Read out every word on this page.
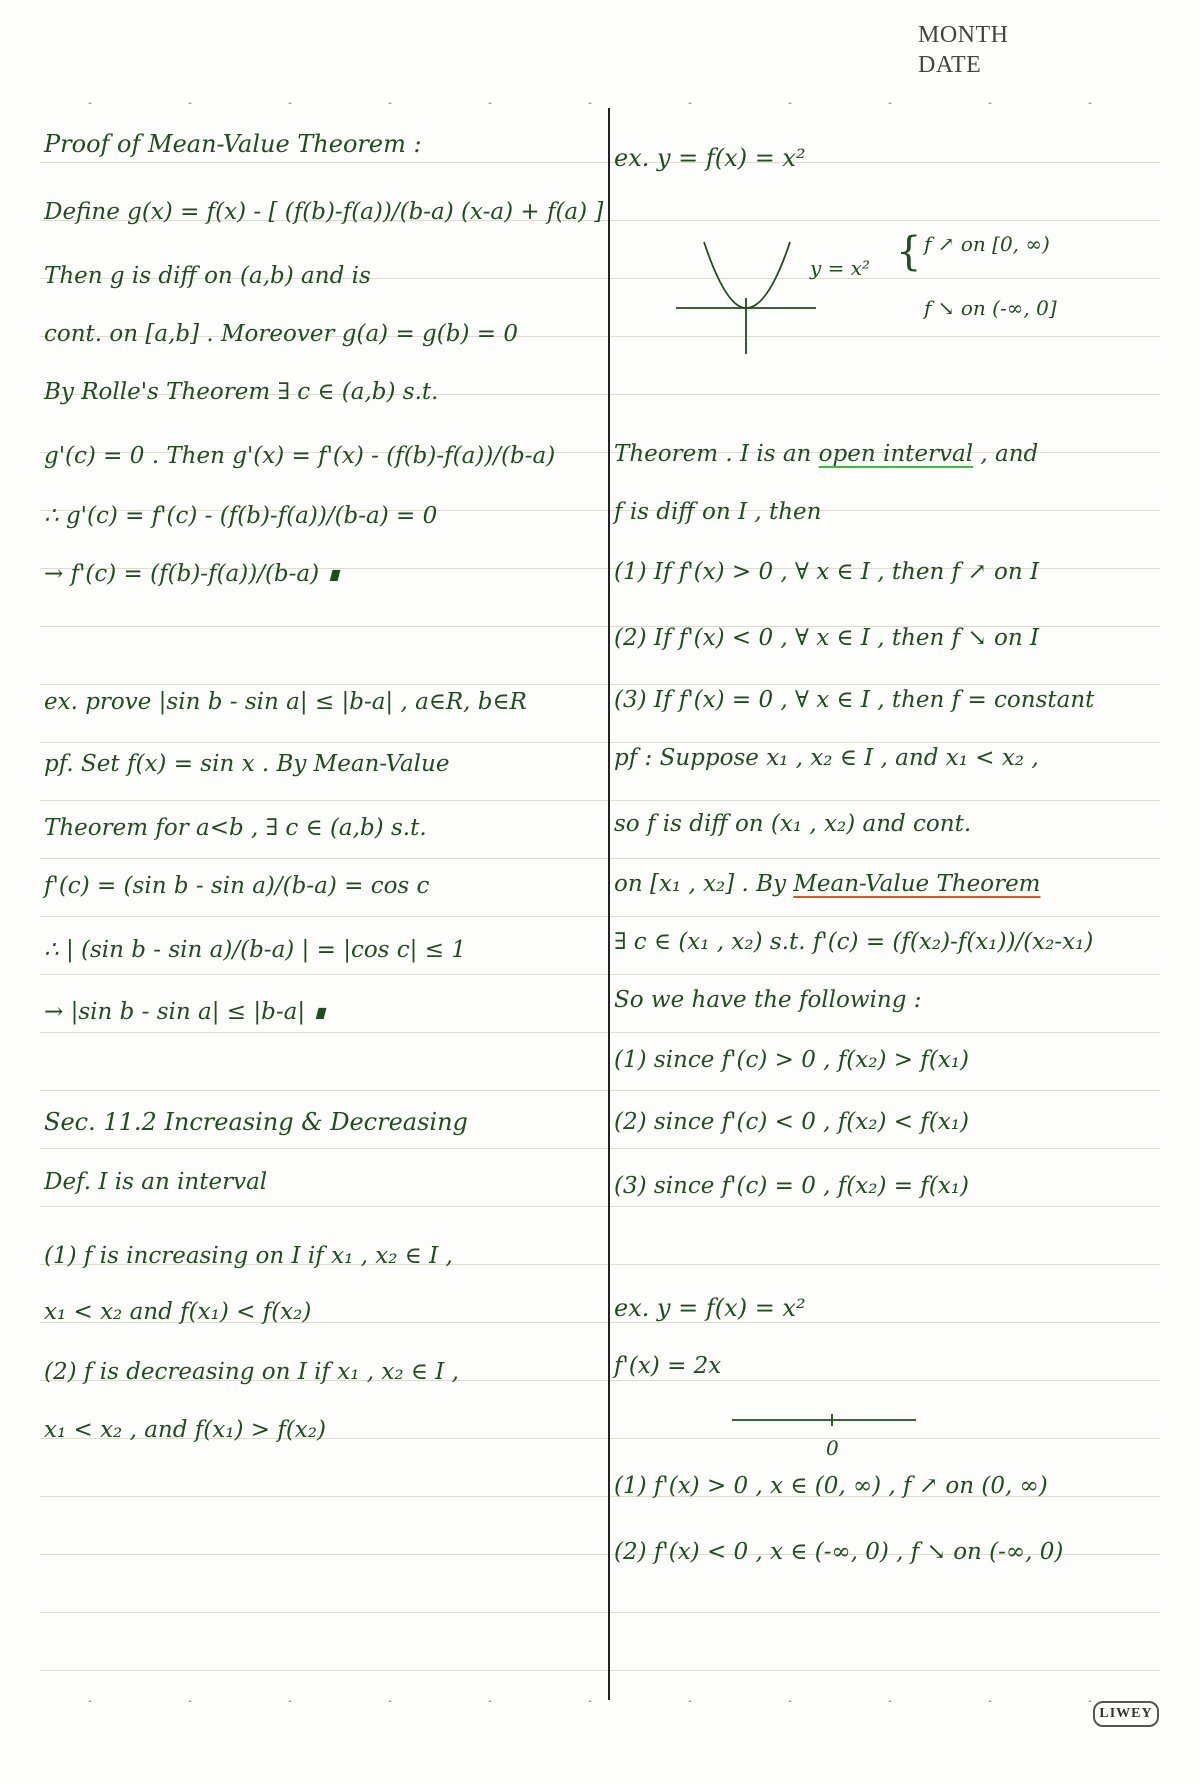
MONTH
DATE
Proof of Mean-Value Theorem :
Define g(x) = f(x) - [ (f(b)-f(a))/(b-a) (x-a) + f(a) ]
Then g is diff on (a,b) and is
cont. on [a,b] . Moreover g(a) = g(b) = 0
By Rolle's Theorem ∃ c ∈ (a,b) s.t.
g'(c) = 0 . Then g'(x) = f'(x) - (f(b)-f(a))/(b-a)
∴ g'(c) = f'(c) - (f(b)-f(a))/(b-a) = 0
→ f'(c) = (f(b)-f(a))/(b-a) ∎
ex. prove |sin b - sin a| ≤ |b-a| , a∈R, b∈R
pf. Set f(x) = sin x . By Mean-Value
Theorem for a<b , ∃ c ∈ (a,b) s.t.
f'(c) = (sin b - sin a)/(b-a) = cos c
∴ | (sin b - sin a)/(b-a) | = |cos c| ≤ 1
→ |sin b - sin a| ≤ |b-a| ∎
Sec. 11.2 Increasing & Decreasing
Def. I is an interval
(1) f is increasing on I if x₁ , x₂ ∈ I ,
x₁ < x₂ and f(x₁) < f(x₂)
(2) f is decreasing on I if x₁ , x₂ ∈ I ,
x₁ < x₂ , and f(x₁) > f(x₂)
ex. y = f(x) = x²
y = x² { f ↗ on [0, ∞)
f ↘ on (-∞, 0]
Theorem . I is an open interval , and
f is diff on I , then
(1) If f'(x) > 0 , ∀ x ∈ I , then f ↗ on I
(2) If f'(x) < 0 , ∀ x ∈ I , then f ↘ on I
(3) If f'(x) = 0 , ∀ x ∈ I , then f = constant
pf : Suppose x₁ , x₂ ∈ I , and x₁ < x₂ ,
so f is diff on (x₁ , x₂) and cont.
on [x₁ , x₂] . By Mean-Value Theorem
∃ c ∈ (x₁ , x₂) s.t. f'(c) = (f(x₂)-f(x₁))/(x₂-x₁)
So we have the following :
(1) since f'(c) > 0 , f(x₂) > f(x₁)
(2) since f'(c) < 0 , f(x₂) < f(x₁)
(3) since f'(c) = 0 , f(x₂) = f(x₁)
ex. y = f(x) = x²
f'(x) = 2x
0
(1) f'(x) > 0 , x ∈ (0, ∞) , f ↗ on (0, ∞)
(2) f'(x) < 0 , x ∈ (-∞, 0) , f ↘ on (-∞, 0)
LIWEY
